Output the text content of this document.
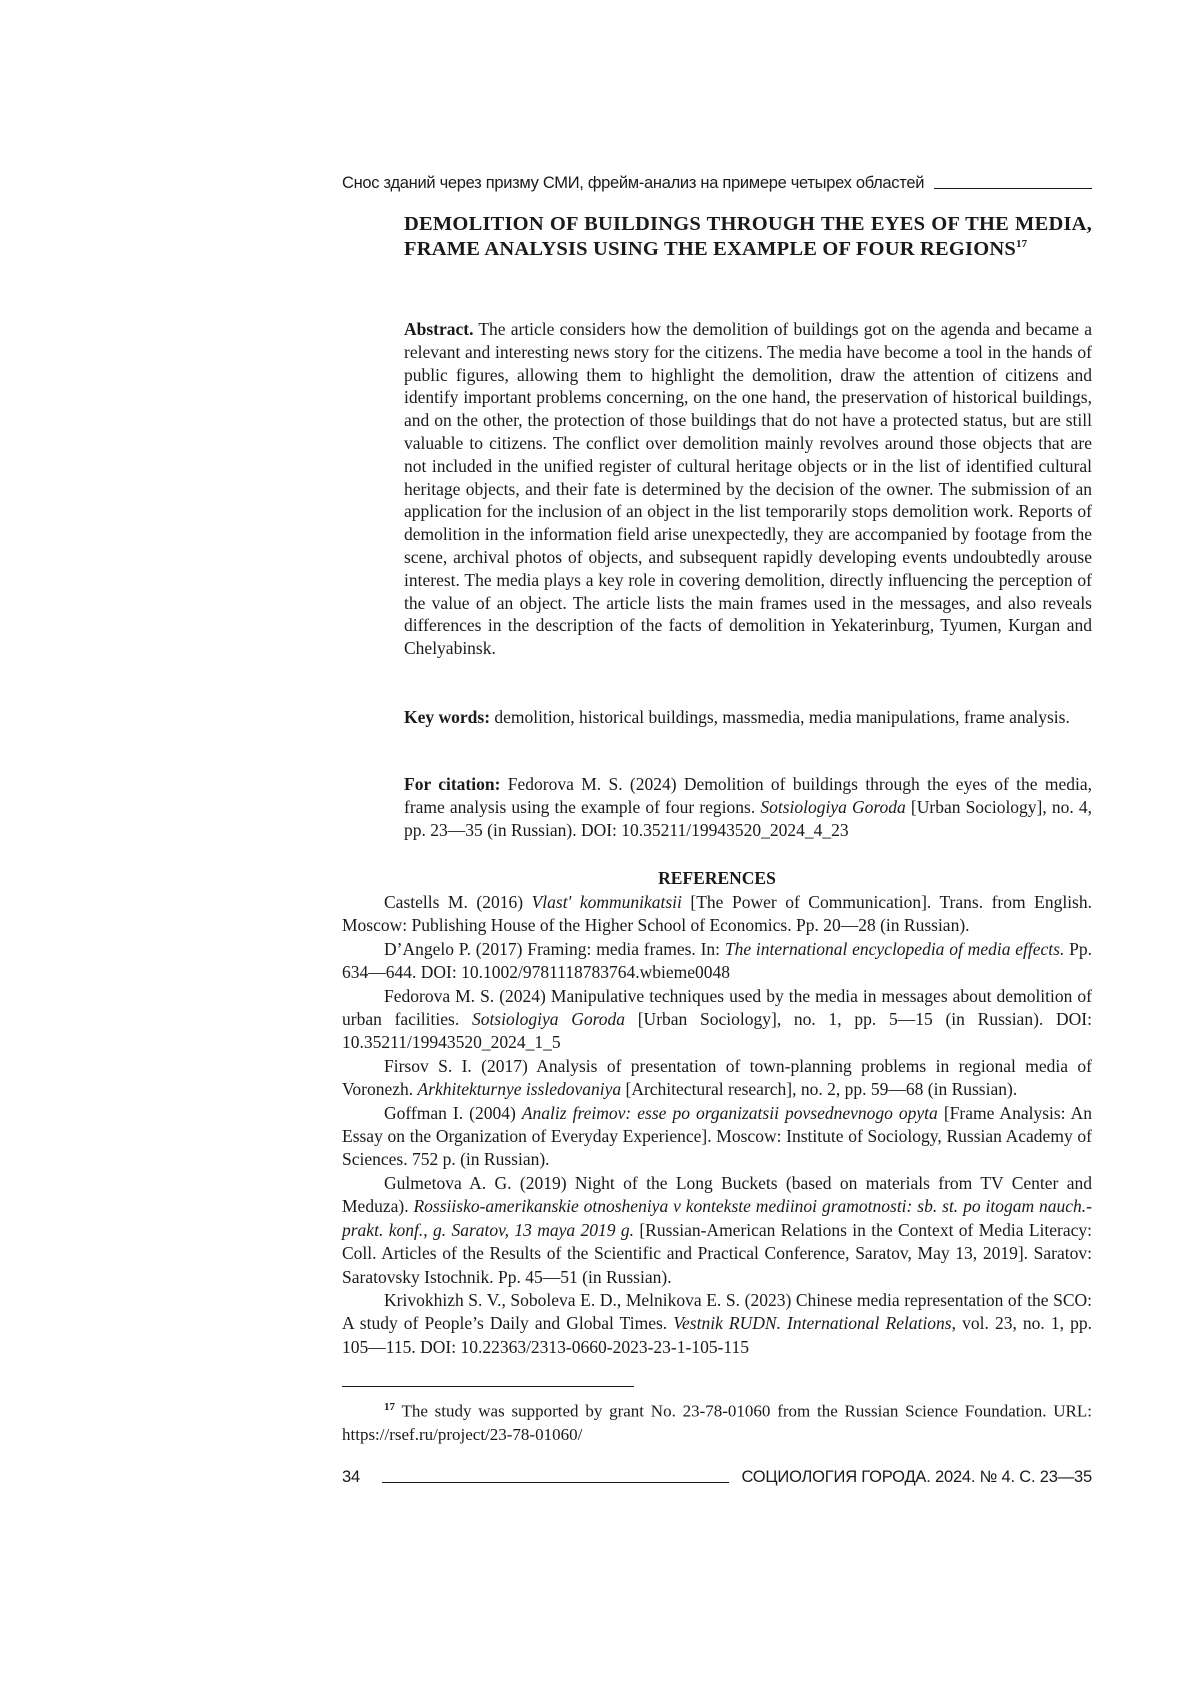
Снос зданий через призму СМИ, фрейм-анализ на примере четырех областей
DEMOLITION OF BUILDINGS THROUGH THE EYES OF THE MEDIA, FRAME ANALYSIS USING THE EXAMPLE OF FOUR REGIONS$^{17}$

Abstract. The article considers how the demolition of buildings got on the agenda and became a relevant and interesting news story for the citizens. The media have become a tool in the hands of public figures, allowing them to highlight the demolition, draw the attention of citizens and identify important problems concerning, on the one hand, the preservation of historical buildings, and on the other, the protection of those buildings that do not have a protected status, but are still valuable to citizens. The conflict over demolition mainly revolves around those objects that are not included in the unified register of cultural heritage objects or in the list of identified cultural heritage objects, and their fate is determined by the decision of the owner. The submission of an application for the inclusion of an object in the list temporarily stops demolition work. Reports of demolition in the information field arise unexpectedly, they are accompanied by footage from the scene, archival photos of objects, and subsequent rapidly developing events undoubtedly arouse interest. The media plays a key role in covering demolition, directly influencing the perception of the value of an object. The article lists the main frames used in the messages, and also reveals differences in the description of the facts of demolition in Yekaterinburg, Tyumen, Kurgan and Chelyabinsk.

Key words: demolition, historical buildings, massmedia, media manipulations, frame analysis.

For citation: Fedorova M. S. (2024) Demolition of buildings through the eyes of the media, frame analysis using the example of four regions. Sotsiologiya Goroda [Urban Sociology], no. 4, pp. 23—35 (in Russian). DOI: 10.35211/19943520_2024_4_23

REFERENCES
Castells M. (2016) Vlast' kommunikatsii [The Power of Communication]. Trans. from English. Moscow: Publishing House of the Higher School of Economics. Pp. 20—28 (in Russian).
D’Angelo P. (2017) Framing: media frames. In: The international encyclopedia of media effects. Pp. 634—644. DOI: 10.1002/9781118783764.wbieme0048
Fedorova M. S. (2024) Manipulative techniques used by the media in messages about demolition of urban facilities. Sotsiologiya Goroda [Urban Sociology], no. 1, pp. 5—15 (in Russian). DOI: 10.35211/19943520_2024_1_5
Firsov S. I. (2017) Analysis of presentation of town-planning problems in regional media of Voronezh. Arkhitekturnye issledovaniya [Architectural research], no. 2, pp. 59—68 (in Russian).
Goffman I. (2004) Analiz freimov: esse po organizatsii povsednevnogo opyta [Frame Analysis: An Essay on the Organization of Everyday Experience]. Moscow: Institute of Sociology, Russian Academy of Sciences. 752 p. (in Russian).
Gulmetova A. G. (2019) Night of the Long Buckets (based on materials from TV Center and Meduza). Rossiisko-amerikanskie otnosheniya v kontekste mediinoi gramotnosti: sb. st. po itogam nauch.-prakt. konf., g. Saratov, 13 maya 2019 g. [Russian-American Relations in the Context of Media Literacy: Coll. Articles of the Results of the Scientific and Practical Conference, Saratov, May 13, 2019]. Saratov: Saratovsky Istochnik. Pp. 45—51 (in Russian).
Krivokhizh S. V., Soboleva E. D., Melnikova E. S. (2023) Chinese media representation of the SCO: A study of People’s Daily and Global Times. Vestnik RUDN. International Relations, vol. 23, no. 1, pp. 105—115. DOI: 10.22363/2313-0660-2023-23-1-105-115

$^{17}$ The study was supported by grant No. 23-78-01060 from the Russian Science Foundation. URL: https://rsef.ru/project/23-78-01060/

34	СОЦИОЛОГИЯ ГОРОДА. 2024. № 4. С. 23—35
